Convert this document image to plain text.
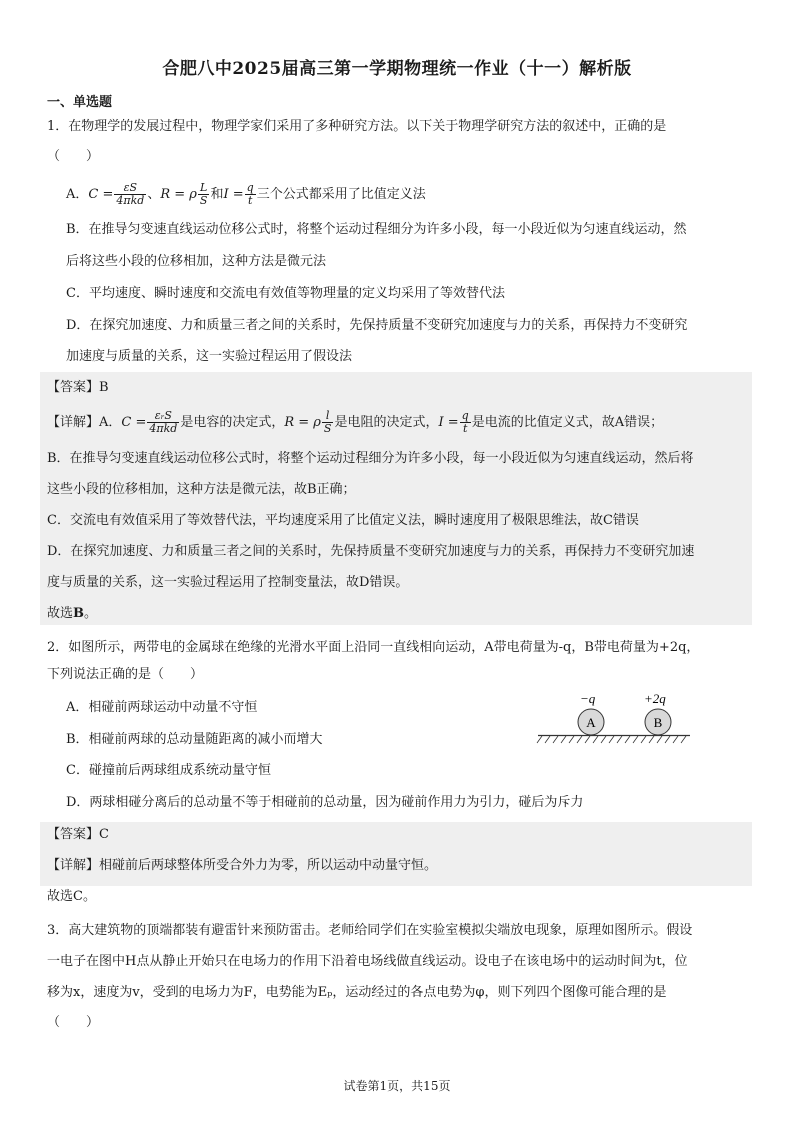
合肥八中2025届高三第一学期物理统一作业（十一）解析版
一、单选题
1．在物理学的发展过程中，物理学家们采用了多种研究方法。以下关于物理学研究方法的叙述中，正确的是
（　　）
A．$C = \frac{\varepsilon S}{\text{4πkd}}$ 、R = ρ $\frac{L}{S}$ 和$I = \frac{q}{t}$ 三个公式都采用了比值定义法
B．在推导匀变速直线运动位移公式时，将整个运动过程细分为许多小段，每一小段近似为匀速直线运动，然
后将这些小段的位移相加，这种方法是微元法
C．平均速度、瞬时速度和交流电有效值等物理量的定义均采用了等效替代法
D．在探究加速度、力和质量三者之间的关系时，先保持质量不变研究加速度与力的关系，再保持力不变研究
加速度与质量的关系，这一实验过程运用了假设法
【答案】B
【详解】A．$C = \frac{\text{εᵣS}}{\text{4πkd}}$ 是电容的决定式，R = ρ $\frac{l}{S}$ 是电阻的决定式，$I = \frac{q}{t}$ 是电流的比值定义式，故A错误；
B．在推导匀变速直线运动位移公式时，将整个运动过程细分为许多小段，每一小段近似为匀速直线运动，然后将
这些小段的位移相加，这种方法是微元法，故B正确；
C．交流电有效值采用了等效替代法，平均速度采用了比值定义法，瞬时速度用了极限思维法，故C错误
D．在探究加速度、力和质量三者之间的关系时，先保持质量不变研究加速度与力的关系，再保持力不变研究加速
度与质量的关系，这一实验过程运用了控制变量法，故D错误。
故选B。
2．如图所示，两带电的金属球在绝缘的光滑水平面上沿同一直线相向运动，A带电荷量为-q，B带电荷量为+2q，
下列说法正确的是（　　）
A．相碰前两球运动中动量不守恒
B．相碰前两球的总动量随距离的减小而增大
C．碰撞前后两球组成系统动量守恒
D．两球相碰分离后的总动量不等于相碰前的总动量，因为碰前作用力为引力，碰后为斥力
−q	+2q
A	B
【答案】C
【详解】相碰前后两球整体所受合外力为零，所以运动中动量守恒。
故选C。
3．高大建筑物的顶端都装有避雷针来预防雷击。老师给同学们在实验室模拟尖端放电现象，原理如图所示。假设
一电子在图中H点从静止开始只在电场力的作用下沿着电场线做直线运动。设电子在该电场中的运动时间为t，位
移为x，速度为v，受到的电场力为F，电势能为Eₚ，运动经过的各点电势为φ，则下列四个图像可能合理的是
（　　）
试卷第1页，共15页
